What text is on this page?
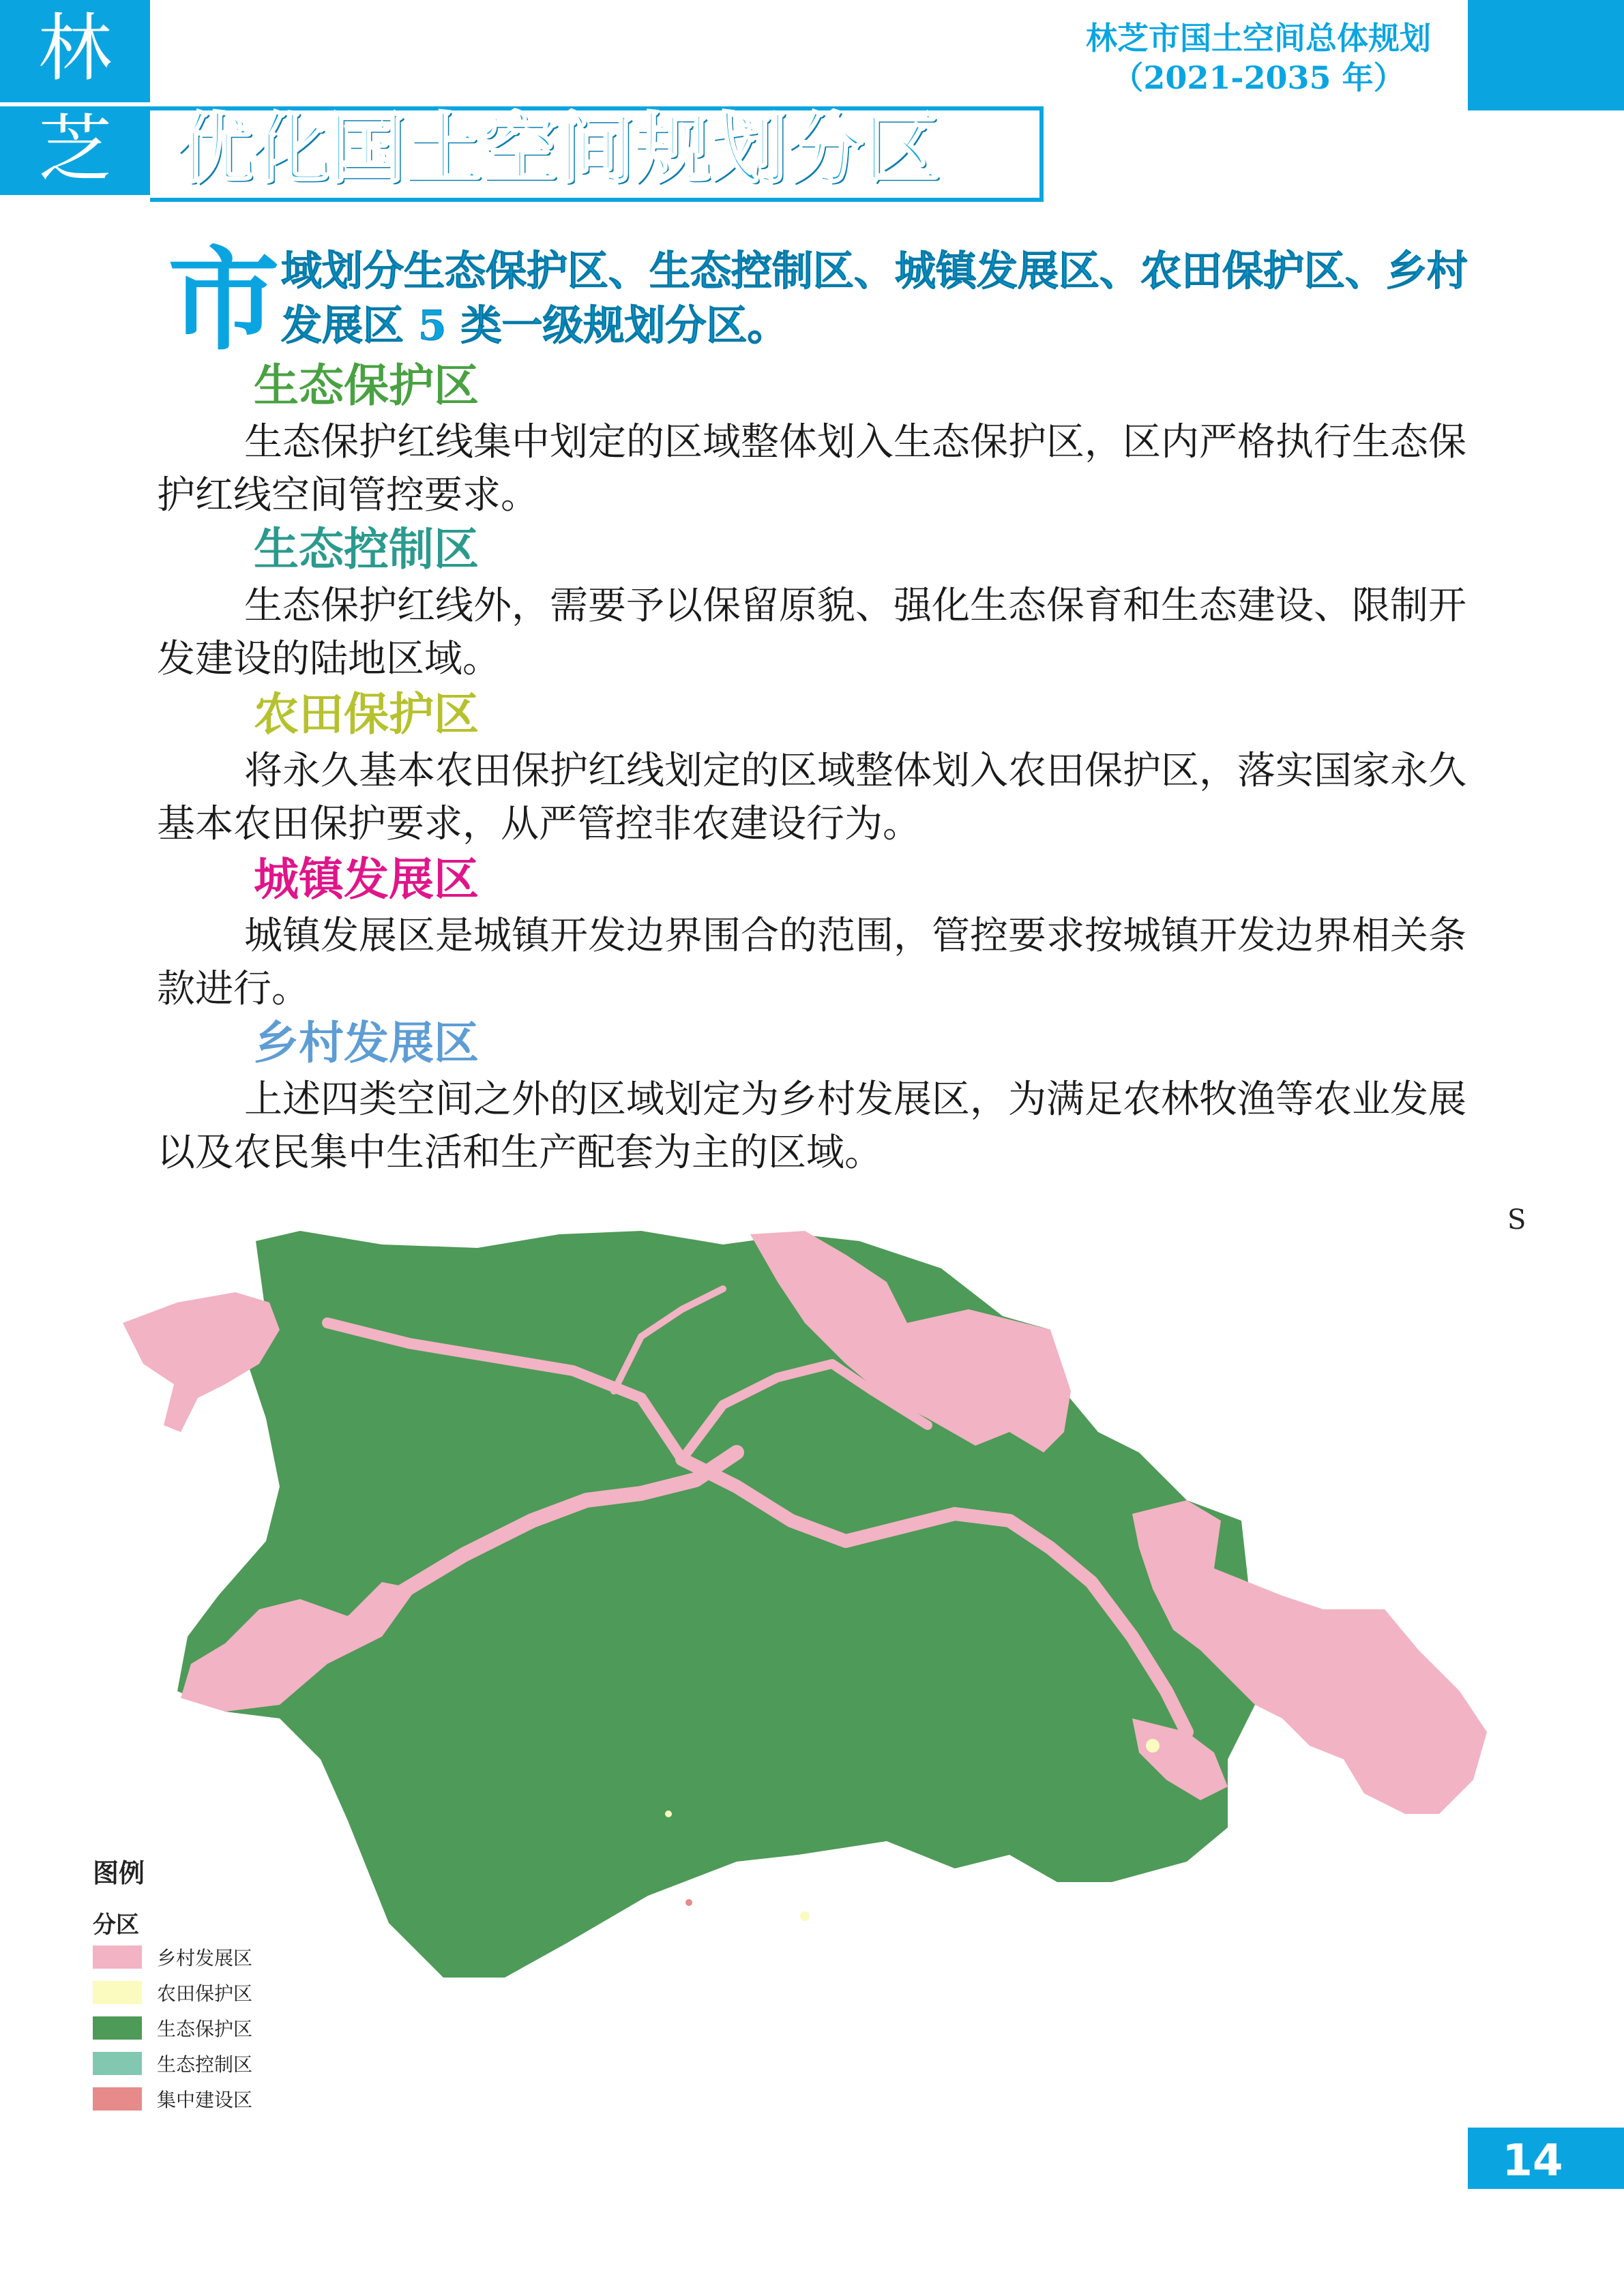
林
芝
林芝市国土空间总体规划
（2021-2035 年）
优化国土空间规划分区
市 域划分生态保护区、生态控制区、城镇发展区、农田保护区、乡村发展区 5 类一级规划分区。
生态保护区
生态保护红线集中划定的区域整体划入生态保护区，区内严格执行生态保护红线空间管控要求。
生态控制区
生态保护红线外，需要予以保留原貌、强化生态保育和生态建设、限制开发建设的陆地区域。
农田保护区
将永久基本农田保护红线划定的区域整体划入农田保护区，落实国家永久基本农田保护要求，从严管控非农建设行为。
城镇发展区
城镇发展区是城镇开发边界围合的范围，管控要求按城镇开发边界相关条款进行。
乡村发展区
上述四类空间之外的区域划定为乡村发展区，为满足农林牧渔等农业发展以及农民集中生活和生产配套为主的区域。
S
图例
分区
乡村发展区
农田保护区
生态保护区
生态控制区
集中建设区
14
